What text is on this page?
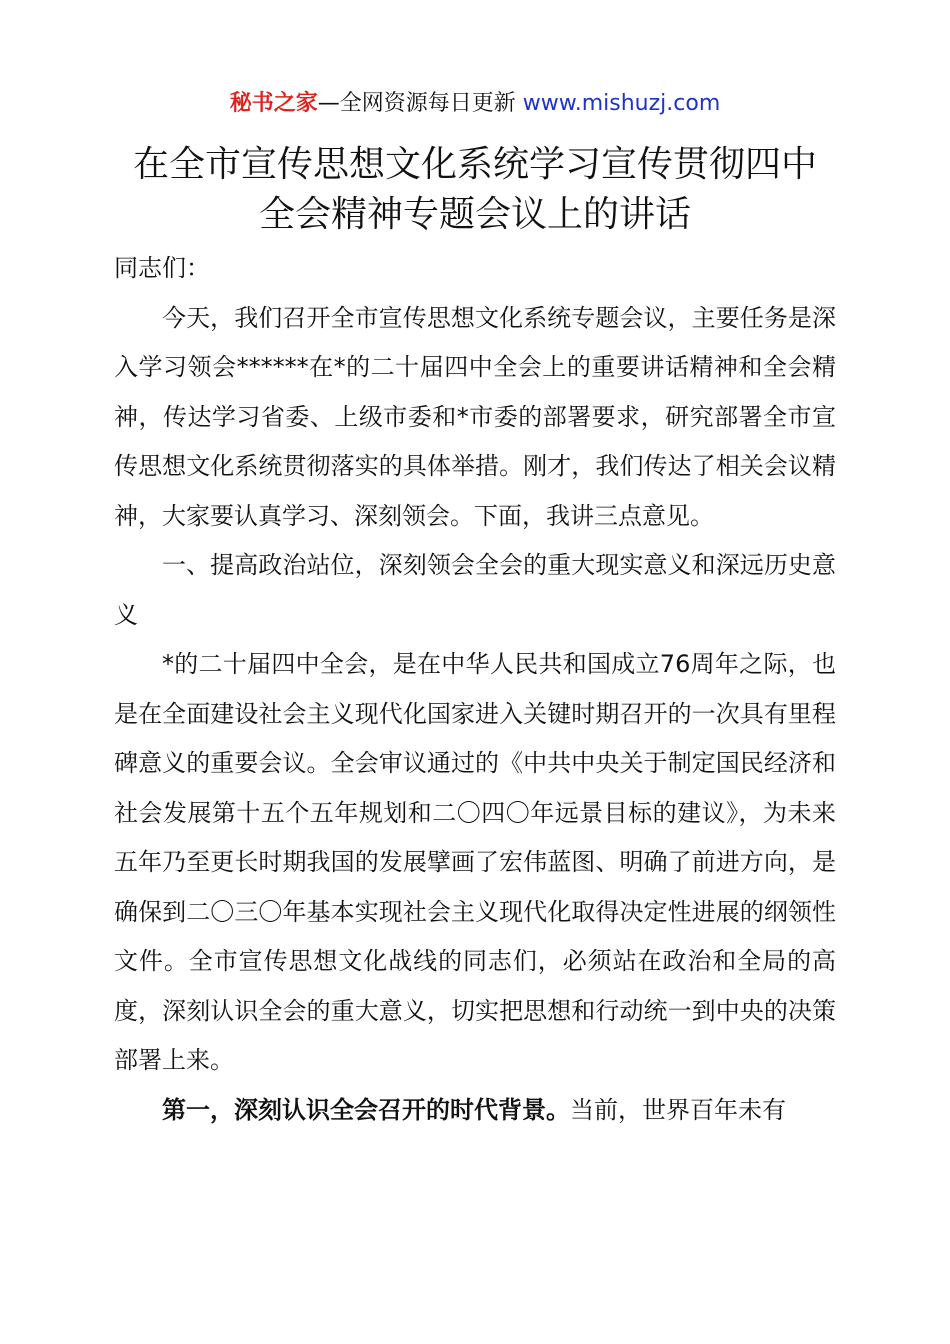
秘书之家—全网资源每日更新 www.mishuzj.com
在全市宣传思想文化系统学习宣传贯彻四中
全会精神专题会议上的讲话

同志们：

今天，我们召开全市宣传思想文化系统专题会议，主要任务是深入学习领会******在*的二十届四中全会上的重要讲话精神和全会精神，传达学习省委、上级市委和*市委的部署要求，研究部署全市宣传思想文化系统贯彻落实的具体举措。刚才，我们传达了相关会议精神，大家要认真学习、深刻领会。下面，我讲三点意见。

一、提高政治站位，深刻领会全会的重大现实意义和深远历史意义

*的二十届四中全会，是在中华人民共和国成立76周年之际，也是在全面建设社会主义现代化国家进入关键时期召开的一次具有里程碑意义的重要会议。全会审议通过的《中共中央关于制定国民经济和社会发展第十五个五年规划和二〇四〇年远景目标的建议》，为未来五年乃至更长时期我国的发展擘画了宏伟蓝图、明确了前进方向，是确保到二〇三〇年基本实现社会主义现代化取得决定性进展的纲领性文件。全市宣传思想文化战线的同志们，必须站在政治和全局的高度，深刻认识全会的重大意义，切实把思想和行动统一到中央的决策部署上来。

第一，深刻认识全会召开的时代背景。当前，世界百年未有
